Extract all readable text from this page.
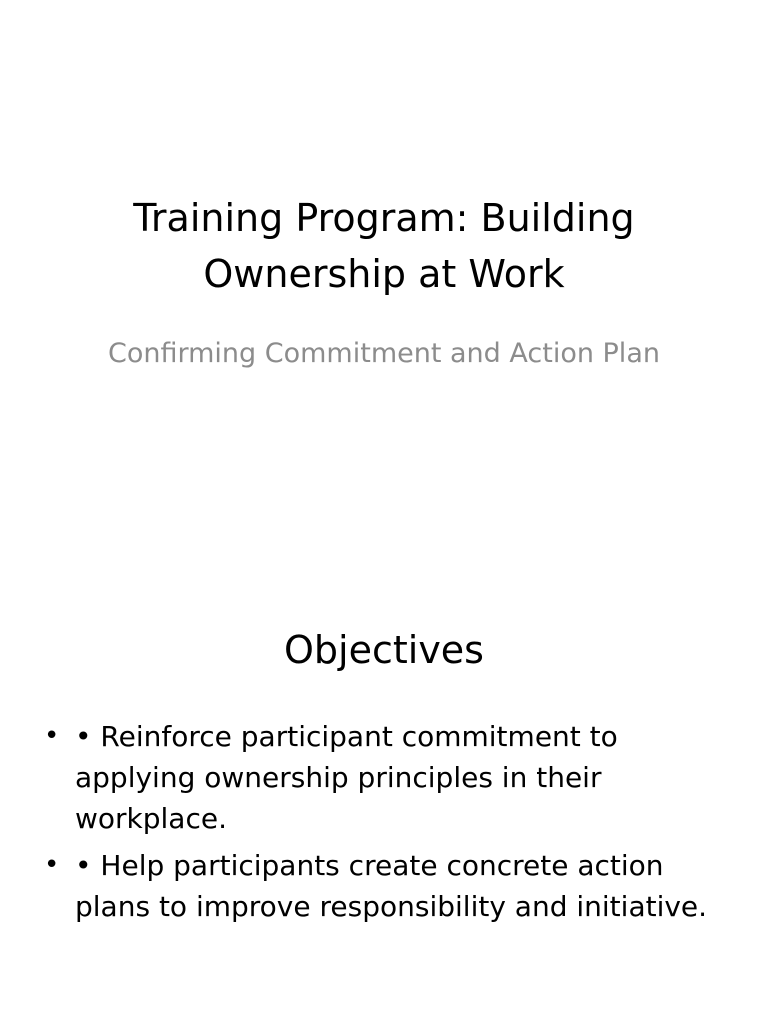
Training Program: Building Ownership at Work

Confirming Commitment and Action Plan

Objectives
• • Reinforce participant commitment to applying ownership principles in their workplace.
• • Help participants create concrete action plans to improve responsibility and initiative.
